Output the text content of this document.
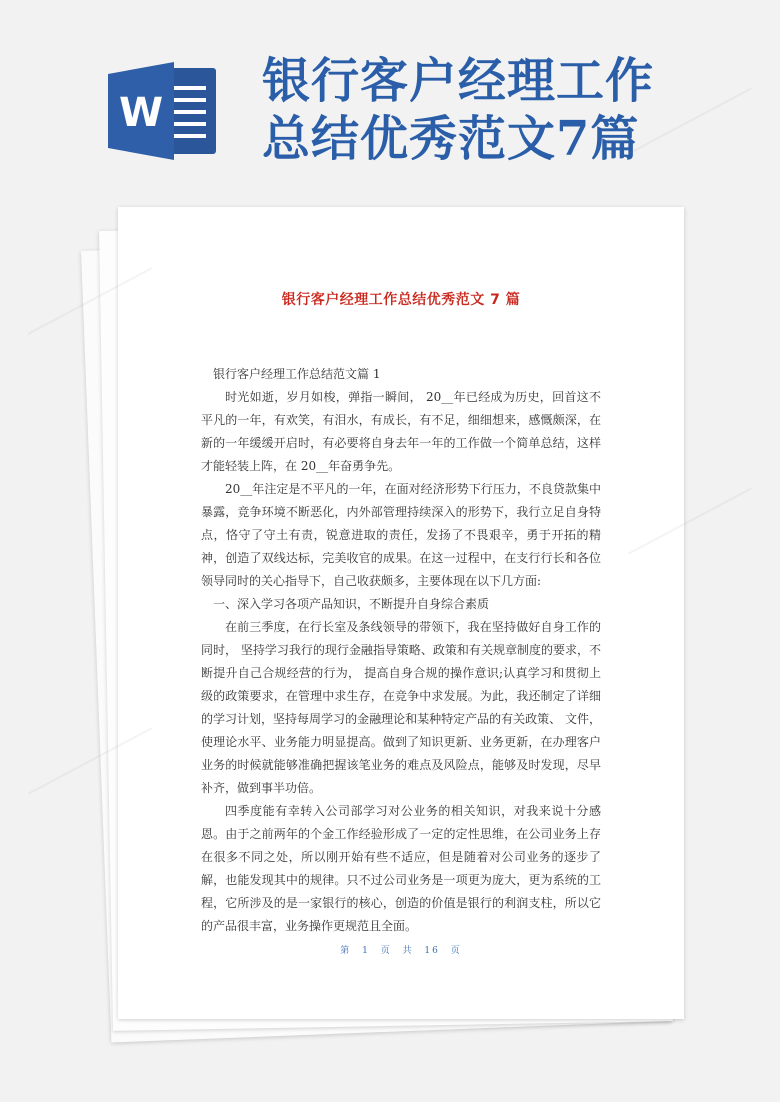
W
银行客户经理工作
总结优秀范文7篇
银行客户经理工作总结优秀范文 7 篇

银行客户经理工作总结范文篇 1

时光如逝，岁月如梭，弹指一瞬间， 20__年已经成为历史，回首这不平凡的一年，有欢笑，有泪水，有成长，有不足，细细想来，感慨颇深，在新的一年缓缓开启时，有必要将自身去年一年的工作做一个简单总结，这样才能轻装上阵，在 20__年奋勇争先。

20__年注定是不平凡的一年，在面对经济形势下行压力，不良贷款集中暴露，竞争环境不断恶化，内外部管理持续深入的形势下，我行立足自身特点，恪守了守土有责，锐意进取的责任，发扬了不畏艰辛，勇于开拓的精神，创造了双线达标，完美收官的成果。在这一过程中，在支行行长和各位领导同时的关心指导下，自己收获颇多，主要体现在以下几方面:

一、深入学习各项产品知识，不断提升自身综合素质

在前三季度，在行长室及条线领导的带领下，我在坚持做好自身工作的同时， 坚持学习我行的现行金融指导策略、政策和有关规章制度的要求，不断提升自己合规经营的行为， 提高自身合规的操作意识;认真学习和贯彻上级的政策要求，在管理中求生存，在竞争中求发展。为此，我还制定了详细的学习计划，坚持每周学习的金融理论和某种特定产品的有关政策、 文件，使理论水平、业务能力明显提高。做到了知识更新、业务更新，在办理客户业务的时候就能够准确把握该笔业务的难点及风险点，能够及时发现，尽早补齐，做到事半功倍。

四季度能有幸转入公司部学习对公业务的相关知识，对我来说十分感恩。由于之前两年的个金工作经验形成了一定的定性思维，在公司业务上存在很多不同之处，所以刚开始有些不适应，但是随着对公司业务的逐步了解，也能发现其中的规律。只不过公司业务是一项更为庞大，更为系统的工程，它所涉及的是一家银行的核心，创造的价值是银行的利润支柱，所以它的产品很丰富，业务操作更规范且全面。

第 1 页 共 16 页
